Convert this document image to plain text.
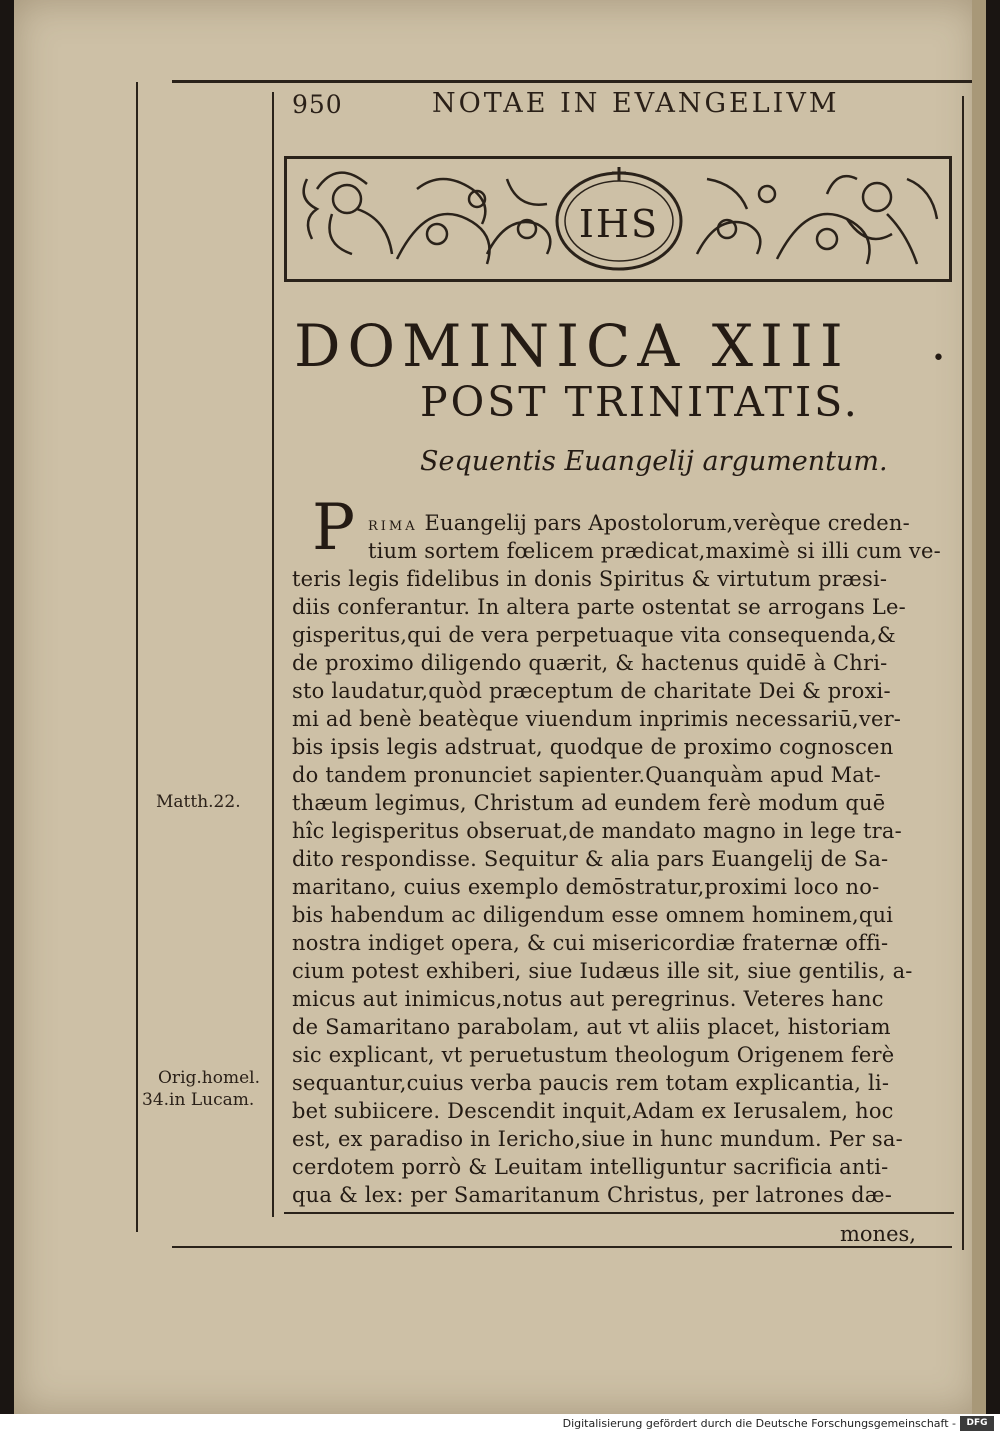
950	NOTAE IN EVANGELIVM
IHS
DOMINICA XIII	•
POST TRINITATIS.
Sequentis Euangelij argumentum.
P RIMA Euangelij pars Apostolorum,verèque creden-
tium sortem fœlicem prædicat,maximè si illi cum ve-
teris legis fidelibus in donis Spiritus & virtutum præsi-
diis conferantur. In altera parte ostentat se arrogans Le-
gisperitus,qui de vera perpetuaque vita consequenda,&
de proximo diligendo quærit, & hactenus quidē à Chri-
sto laudatur,quòd præceptum de charitate Dei & proxi-
mi ad benè beatèque viuendum inprimis necessariū,ver-
bis ipsis legis adstruat, quodque de proximo cognoscen
do tandem pronunciet sapienter.Quanquàm apud Mat-
thæum legimus, Christum ad eundem ferè modum quē
hîc legisperitus obseruat,de mandato magno in lege tra-
dito respondisse. Sequitur & alia pars Euangelij de Sa-
maritano, cuius exemplo demōstratur,proximi loco no-
bis habendum ac diligendum esse omnem hominem,qui
nostra indiget opera, & cui misericordiæ fraternæ offi-
cium potest exhiberi, siue Iudæus ille sit, siue gentilis, a-
micus aut inimicus,notus aut peregrinus. Veteres hanc
de Samaritano parabolam, aut vt aliis placet, historiam
sic explicant, vt peruetustum theologum Origenem ferè
sequantur,cuius verba paucis rem totam explicantia, li-
bet subiicere. Descendit inquit,Adam ex Ierusalem, hoc
est, ex paradiso in Iericho,siue in hunc mundum. Per sa-
cerdotem porrò & Leuitam intelliguntur sacrificia anti-
qua & lex: per Samaritanum Christus, per latrones dæ-
mones,
Matth.22.
Orig.homel.
34.in Lucam.
Digitalisierung gefördert durch die Deutsche Forschungsgemeinschaft -	DFG
